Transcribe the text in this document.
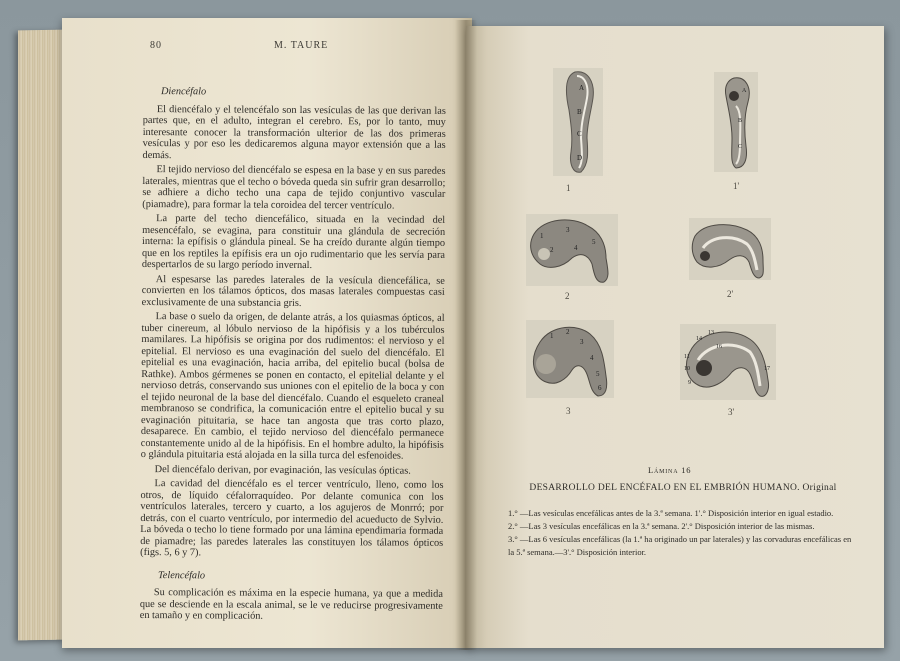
80	M. TAURE

Diencéfalo

El diencéfalo y el telencéfalo son las vesículas de las que derivan las partes que, en el adulto, integran el cerebro. Es, por lo tanto, muy interesante conocer la transformación ulterior de las dos primeras vesículas y por eso les dedicaremos alguna mayor extensión que a las demás.

El tejido nervioso del diencéfalo se espesa en la base y en sus paredes laterales, mientras que el techo o bóveda queda sin sufrir gran desarrollo; se adhiere a dicho techo una capa de tejido conjuntivo vascular (piamadre), para formar la tela coroidea del tercer ventrículo.

La parte del techo diencefálico, situada en la vecindad del mesencéfalo, se evagina, para constituir una glándula de secreción interna: la epífisis o glándula pineal. Se ha creído durante algún tiempo que en los reptiles la epífisis era un ojo rudimentario que les servía para despertarlos de su largo período invernal.

Al espesarse las paredes laterales de la vesícula diencefálica, se convierten en los tálamos ópticos, dos masas laterales compuestas casi exclusivamente de una substancia gris.

La base o suelo da origen, de delante atrás, a los quiasmas ópticos, al tuber cinereum, al lóbulo nervioso de la hipófisis y a los tubérculos mamilares. La hipófisis se origina por dos rudimentos: el nervioso y el epitelial. El nervioso es una evaginación del suelo del diencéfalo. El epitelial es una evaginación, hacia arriba, del epitelio bucal (bolsa de Rathke). Ambos gérmenes se ponen en contacto, el epitelial delante y el nervioso detrás, conservando sus uniones con el epitelio de la boca y con el tejido neuronal de la base del diencéfalo. Cuando el esqueleto craneal membranoso se condrifica, la comunicación entre el epitelio bucal y su evaginación pituitaria, se hace tan angosta que tras corto plazo, desaparece. En cambio, el tejido nervioso del diencéfalo permanece constantemente unido al de la hipófisis. En el hombre adulto, la hipófisis o glándula pituitaria está alojada en la silla turca del esfenoides.

Del diencéfalo derivan, por evaginación, las vesículas ópticas.

La cavidad del diencéfalo es el tercer ventrículo, lleno, como los otros, de líquido céfalorraquídeo. Por delante comunica con los ventrículos laterales, tercero y cuarto, a los agujeros de Monrró; por detrás, con el cuarto ventrículo, por intermedio del acueducto de Sylvio. La bóveda o techo lo tiene formado por una lámina ependimaria formada de piamadre; las paredes laterales las constituyen los tálamos ópticos (figs. 5, 6 y 7).

Telencéfalo

Su complicación es máxima en la especie humana, ya que a medida que se desciende en la escala animal, se le ve reducirse progresivamente en tamaño y en complicación.

A
B
C
D
1
A
B
C
1'
1
2
3
4
5
2	2'
1 2
3
4
5
6
3
14
13
11
10
9
16
17
3'
Lámina 16
DESARROLLO DEL ENCÉFALO EN EL EMBRIÓN HUMANO. Original
1.° —Las vesículas encefálicas antes de la 3.ª semana. 1'.° Disposición interior en igual estadio.
2.° —Las 3 vesículas encefálicas en la 3.ª semana. 2'.° Disposición interior de las mismas.
3.° —Las 6 vesículas encefálicas (la 1.ª ha originado un par laterales) y las corvaduras encefálicas en la 5.ª semana.—3'.° Disposición interior.
